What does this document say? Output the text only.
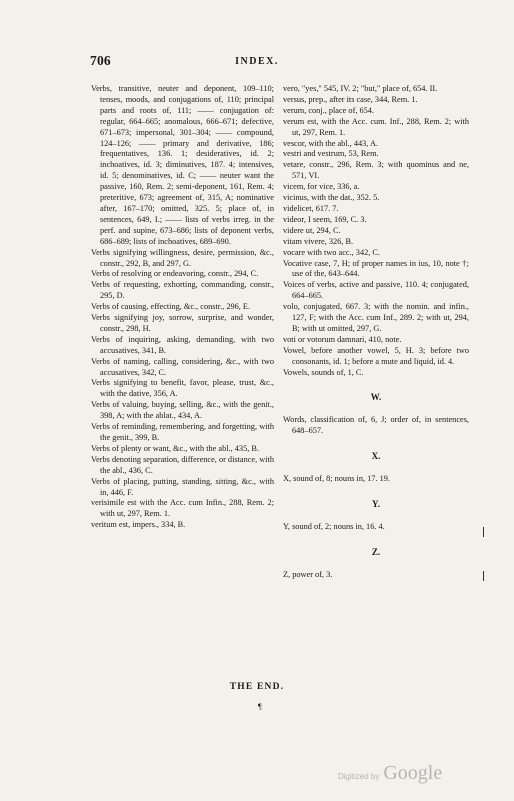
706	INDEX.

Verbs, transitive, neuter and deponent, 109–110; tenses, moods, and conjugations of, 110; principal parts and roots of, 111; —— conjugation of: regular, 664–665; anomalous, 666–671; defective, 671–673; impersonal, 301–304; —— compound, 124–126; —— primary and derivative, 186; frequentatives, 136. 1; desideratives, id. 2; inchoatives, id. 3; diminutives, 187. 4; intensives, id. 5; denominatives, id. C; —— neuter want the passive, 160, Rem. 2; semi-deponent, 161, Rem. 4; preteritive, 673; agreement of, 315, A; nominative after, 167–170; omitted, 325. 5; place of, in sentences, 649, I.; —— lists of verbs irreg. in the perf. and supine, 673–686; lists of deponent verbs, 686–689; lists of inchoatives, 689–690.

Verbs signifying willingness, desire, permission, &c., constr., 292, B, and 297, G.

Verbs of resolving or endeavoring, constr., 294, C.

Verbs of requesting, exhorting, commanding, constr., 295, D.

Verbs of causing, effecting, &c., constr., 296, E.

Verbs signifying joy, sorrow, surprise, and wonder, constr., 298, H.

Verbs of inquiring, asking, demanding, with two accusatives, 341, B.

Verbs of naming, calling, considering, &c., with two accusatives, 342, C.

Verbs signifying to benefit, favor, please, trust, &c., with the dative, 356, A.

Verbs of valuing, buying, selling, &c., with the genit., 398, A; with the ablat., 434, A.

Verbs of reminding, remembering, and forgetting, with the genit., 399, B.

Verbs of plenty or want, &c., with the abl., 435, B.

Verbs denoting separation, difference, or distance, with the abl., 436, C.

Verbs of placing, putting, standing, sitting, &c., with in, 446, F.

verisimile est with the Acc. cum Infin., 288, Rem. 2; with ut, 297, Rem. 1.

veritum est, impers., 334, B.

vero, "yes," 545, IV. 2; "but," place of, 654. II.

versus, prep., after its case, 344, Rem. 1.

verum, conj., place of, 654.

verum est, with the Acc. cum. Inf., 288, Rem. 2; with ut, 297, Rem. 1.

vescor, with the abl., 443, A.

vestri and vestrum, 53, Rem.

vetare, constr., 296, Rem. 3; with quominus and ne, 571, VI.

vicem, for vice, 336, a.

vicinus, with the dat., 352. 5.

videlicet, 617. 7.

videor, I seem, 169, C. 3.

videre ut, 294, C.

vitam vivere, 326, B.

vocare with two acc., 342, C.

Vocative case, 7, H; of proper names in ius, 10, note †; use of the, 643–644.

Voices of verbs, active and passive, 110. 4; conjugated, 664–665.

volo, conjugated, 667. 3; with the nomin. and infin., 127, F; with the Acc. cum Inf., 289. 2; with ut, 294, B; with ut omitted, 297, G.

voti or votorum damnari, 410, note.

Vowel, before another vowel, 5, H. 3; before two consonants, id. 1; before a mute and liquid, id. 4.

Vowels, sounds of, 1, C.

W.

Words, classification of, 6, J; order of, in sentences, 648–657.

X.

X, sound of, 8; nouns in, 17. 19.

Y.

Y, sound of, 2; nouns in, 16. 4.

Z.

Z, power of, 3.

THE END.
¶
Digitized by Google
